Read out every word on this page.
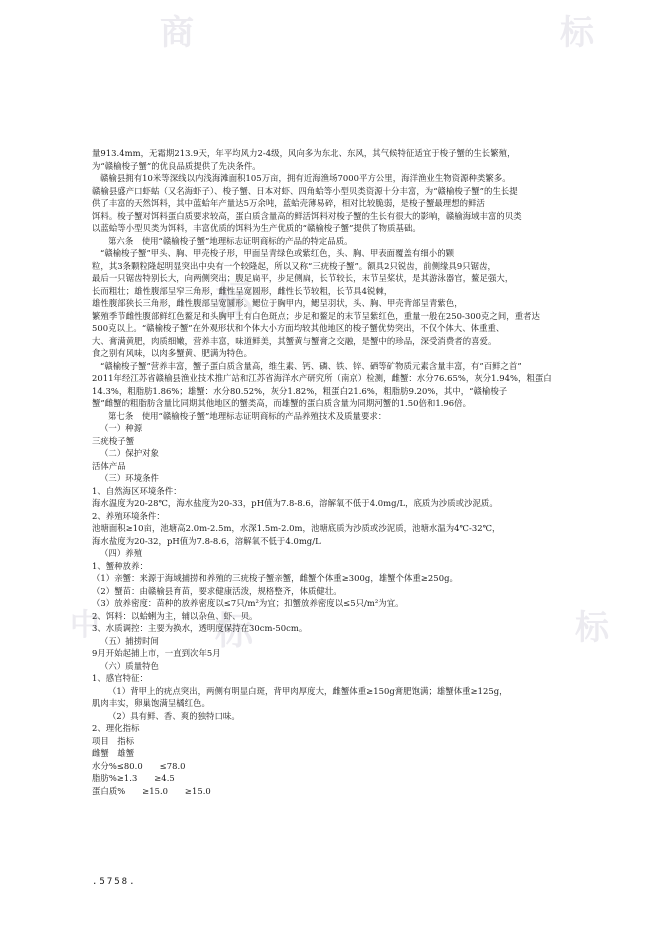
商	标
标
中	标	标
量913.4mm，无霜期213.9天，年平均风力2-4级，风向多为东北、东风，其气候特征适宜于梭子蟹的生长繁殖，
为“赣榆梭子蟹”的优良品质提供了先决条件。
赣榆县拥有10米等深线以内浅海滩面积105万亩，拥有近海渔场7000平方公里，海洋渔业生物资源种类繁多。
赣榆县盛产口虾蛄（又名海虾子）、梭子蟹、日本对虾、四角蛤等小型贝类资源十分丰富，为“赣榆梭子蟹”的生长提
供了丰富的天然饵料，其中蓝蛤年产量达5万余吨，蓝蛤壳薄易碎，相对比较脆弱，是梭子蟹最理想的鲜活
饵料。梭子蟹对饵料蛋白质要求较高，蛋白质含量高的鲜活饵料对梭子蟹的生长有很大的影响，赣榆海域丰富的贝类
以蓝蛤等小型贝类为饵料，丰富优质的饵料为生产优质的“赣榆梭子蟹”提供了物质基础。
第六条　使用“赣榆梭子蟹”地理标志证明商标的产品的特定品质。
“赣榆梭子蟹”甲头、胸、甲壳梭子形，甲面呈青绿色或紫红色，头、胸、甲表面覆盖有细小的颗
粒，其3条颗粒隆起明显突出中央有一个较隆起，所以又称“三疣梭子蟹”。额具2只锐齿，前侧缘具9只锯齿，
最后一只锯齿特别长大，向两侧突出；腹足扁平，步足侧扁，长节较长，末节呈桨状，是其游泳器官，鳌足强大，
长而粗壮；雄性腹部呈窄三角形，雌性呈宽圆形，雌性长节较粗，长节具4锐棘，
雄性腹部狭长三角形，雌性腹部呈宽圆形。鳃位于胸甲内，鳃呈羽状，头、胸、甲壳背部呈青紫色，
繁殖季节雌性腹部鲜红色鳌足和头胸甲上有白色斑点；步足和鳌足的末节呈紫红色，重量一般在250-300克之间，重者达
500克以上。“赣榆梭子蟹”在外观形状和个体大小方面均较其他地区的梭子蟹优势突出，不仅个体大、体重重、
大、膏满黄肥，肉质细嫩，营养丰富，味道鲜美，其蟹黄与蟹膏之交融，是蟹中的珍品，深受消费者的喜爱。
食之别有风味，以肉多蟹黄、肥满为特色。
“赣榆梭子蟹”营养丰富，蟹子蛋白质含量高，维生素、钙、磷、铁、锌、硒等矿物质元素含量丰富，有”百鲜之首”
2011年经江苏省赣榆县渔业技术推广站和江苏省海洋水产研究所（南京）检测，雌蟹：水分76.65%，灰分1.94%，粗蛋白
14.3%，粗脂肪1.86%；雄蟹：水分80.52%，灰分1.82%，粗蛋白21.6%，粗脂肪9.20%，其中，“赣榆梭子
蟹”雌蟹的粗脂肪含量比同期其他地区的蟹类高，而雄蟹的蛋白质含量为同期河蟹的1.50倍和1.96倍。
第七条　使用“赣榆梭子蟹”地理标志证明商标的产品养殖技术及质量要求：
（一）种源
三疣梭子蟹
（二）保护对象
活体产品
（三）环境条件
1、自然海区环境条件：
海水温度为20-28℃，海水盐度为20-33，pH值为7.8-8.6，溶解氧不低于4.0mg/L，底质为沙质或沙泥质。
2、养殖环境条件：
池塘面积≥10亩，池塘高2.0m-2.5m，水深1.5m-2.0m，池塘底质为沙质或沙泥质，池塘水温为4℃-32℃，
海水盐度为20-32，pH值为7.8-8.6，溶解氧不低于4.0mg/L
（四）养殖
1、蟹种放养：
（1）亲蟹：来源于海域捕捞和养殖的三疣梭子蟹亲蟹，雌蟹个体重≥300g，雄蟹个体重≥250g。
（2）蟹苗：由赣榆县育苗，要求健康活泼，规格整齐，体质健壮。
（3）放养密度：苗种的放养密度以≤7只/m²为宜；扣蟹放养密度以≤5只/m²为宜。
2、饵料：以蛤蜊为主，辅以杂鱼、虾、贝。
3、水质调控：主要为换水，透明度保持在30cm-50cm。
（五）捕捞时间
9月开始起捕上市，一直到次年5月
（六）质量特色
1、感官特征：
（1）背甲上的疣点突出，两侧有明显白斑，背甲肉厚度大，雌蟹体重≥150g膏肥饱满；雄蟹体重≥125g，
肌肉丰实，卵巢饱满呈橘红色。
（2）具有鲜、香、爽的独特口味。
2、理化指标
项目　指标
雌蟹　雄蟹
水分%≤80.0　　≤78.0
脂肪%≥1.3　　≥4.5
蛋白质%　　≥15.0　　≥15.0
.5758.
